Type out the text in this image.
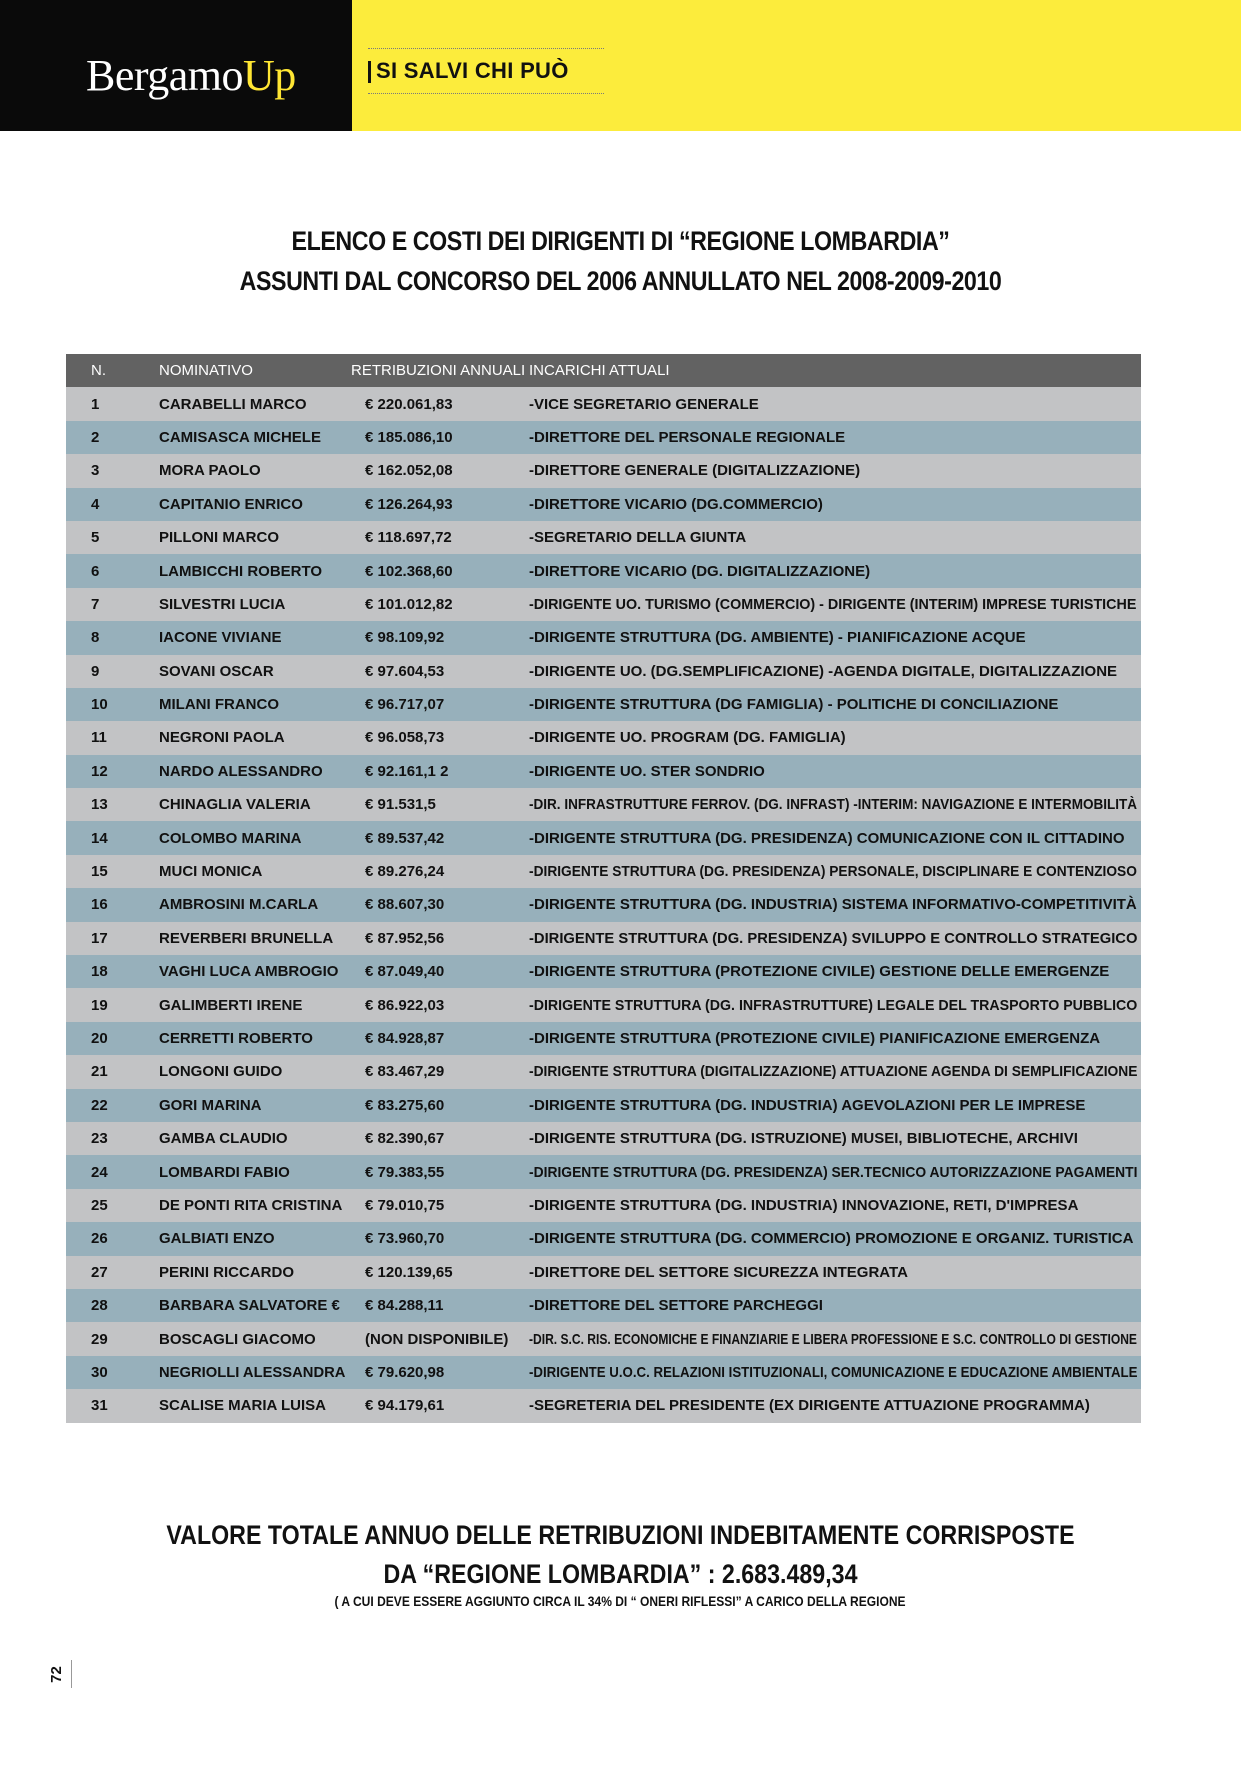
BergamoUp	SI SALVI CHI PUÒ
ELENCO E COSTI DEI DIRIGENTI DI “REGIONE LOMBARDIA”
ASSUNTI DAL CONCORSO DEL 2006 ANNULLATO NEL 2008-2009-2010
N.	NOMINATIVO	RETRIBUZIONI ANNUALI	INCARICHI ATTUALI
1	CARABELLI MARCO	€ 220.061,83	-VICE SEGRETARIO GENERALE
2	CAMISASCA MICHELE	€ 185.086,10	-DIRETTORE DEL PERSONALE REGIONALE
3	MORA PAOLO	€ 162.052,08	-DIRETTORE GENERALE (DIGITALIZZAZIONE)
4	CAPITANIO ENRICO	€ 126.264,93	-DIRETTORE VICARIO (DG.COMMERCIO)
5	PILLONI MARCO	€ 118.697,72	-SEGRETARIO DELLA GIUNTA
6	LAMBICCHI ROBERTO	€ 102.368,60	-DIRETTORE VICARIO (DG. DIGITALIZZAZIONE)
7	SILVESTRI LUCIA	€ 101.012,82	-DIRIGENTE UO. TURISMO (COMMERCIO) - DIRIGENTE (INTERIM) IMPRESE TURISTICHE
8	IACONE VIVIANE	€ 98.109,92	-DIRIGENTE STRUTTURA (DG. AMBIENTE) - PIANIFICAZIONE ACQUE
9	SOVANI OSCAR	€ 97.604,53	-DIRIGENTE UO. (DG.SEMPLIFICAZIONE) -AGENDA DIGITALE, DIGITALIZZAZIONE
10	MILANI FRANCO	€ 96.717,07	-DIRIGENTE STRUTTURA (DG FAMIGLIA) - POLITICHE DI CONCILIAZIONE
11	NEGRONI PAOLA	€ 96.058,73	-DIRIGENTE UO. PROGRAM (DG. FAMIGLIA)
12	NARDO ALESSANDRO	€ 92.161,1 2	-DIRIGENTE UO. STER SONDRIO
13	CHINAGLIA VALERIA	€ 91.531,5	-DIR. INFRASTRUTTURE FERROV. (DG. INFRAST) -INTERIM: NAVIGAZIONE E INTERMOBILITÀ
14	COLOMBO MARINA	€ 89.537,42	-DIRIGENTE STRUTTURA (DG. PRESIDENZA) COMUNICAZIONE CON IL CITTADINO
15	MUCI MONICA	€ 89.276,24	-DIRIGENTE STRUTTURA (DG. PRESIDENZA) PERSONALE, DISCIPLINARE E CONTENZIOSO
16	AMBROSINI M.CARLA	€ 88.607,30	-DIRIGENTE STRUTTURA (DG. INDUSTRIA) SISTEMA INFORMATIVO-COMPETITIVITÀ
17	REVERBERI BRUNELLA	€ 87.952,56	-DIRIGENTE STRUTTURA (DG. PRESIDENZA) SVILUPPO E CONTROLLO STRATEGICO
18	VAGHI LUCA AMBROGIO	€ 87.049,40	-DIRIGENTE STRUTTURA (PROTEZIONE CIVILE) GESTIONE DELLE EMERGENZE
19	GALIMBERTI IRENE	€ 86.922,03	-DIRIGENTE STRUTTURA (DG. INFRASTRUTTURE) LEGALE DEL TRASPORTO PUBBLICO
20	CERRETTI ROBERTO	€ 84.928,87	-DIRIGENTE STRUTTURA (PROTEZIONE CIVILE) PIANIFICAZIONE EMERGENZA
21	LONGONI GUIDO	€ 83.467,29	-DIRIGENTE STRUTTURA (DIGITALIZZAZIONE) ATTUAZIONE AGENDA DI SEMPLIFICAZIONE
22	GORI MARINA	€ 83.275,60	-DIRIGENTE STRUTTURA (DG. INDUSTRIA) AGEVOLAZIONI PER LE IMPRESE
23	GAMBA CLAUDIO	€ 82.390,67	-DIRIGENTE STRUTTURA (DG. ISTRUZIONE) MUSEI, BIBLIOTECHE, ARCHIVI
24	LOMBARDI FABIO	€ 79.383,55	-DIRIGENTE STRUTTURA (DG. PRESIDENZA) SER.TECNICO AUTORIZZAZIONE PAGAMENTI
25	DE PONTI RITA CRISTINA	€ 79.010,75	-DIRIGENTE STRUTTURA (DG. INDUSTRIA) INNOVAZIONE, RETI, D'IMPRESA
26	GALBIATI ENZO	€ 73.960,70	-DIRIGENTE STRUTTURA (DG. COMMERCIO) PROMOZIONE E ORGANIZ. TURISTICA
27	PERINI RICCARDO	€ 120.139,65	-DIRETTORE DEL SETTORE SICUREZZA INTEGRATA
28	BARBARA SALVATORE €	€ 84.288,11	-DIRETTORE DEL SETTORE PARCHEGGI
29	BOSCAGLI GIACOMO	(NON DISPONIBILE)	-DIR. S.C. RIS. ECONOMICHE E FINANZIARIE E LIBERA PROFESSIONE E S.C. CONTROLLO DI GESTIONE
30	NEGRIOLLI ALESSANDRA	€ 79.620,98	-DIRIGENTE U.O.C. RELAZIONI ISTITUZIONALI, COMUNICAZIONE E EDUCAZIONE AMBIENTALE
31	SCALISE MARIA LUISA	€ 94.179,61	-SEGRETERIA DEL PRESIDENTE (EX DIRIGENTE ATTUAZIONE PROGRAMMA)
VALORE TOTALE ANNUO DELLE RETRIBUZIONI INDEBITAMENTE CORRISPOSTE
DA “REGIONE LOMBARDIA” : 2.683.489,34
( A CUI DEVE ESSERE AGGIUNTO CIRCA IL 34% DI “ ONERI RIFLESSI” A CARICO DELLA REGIONE
72
